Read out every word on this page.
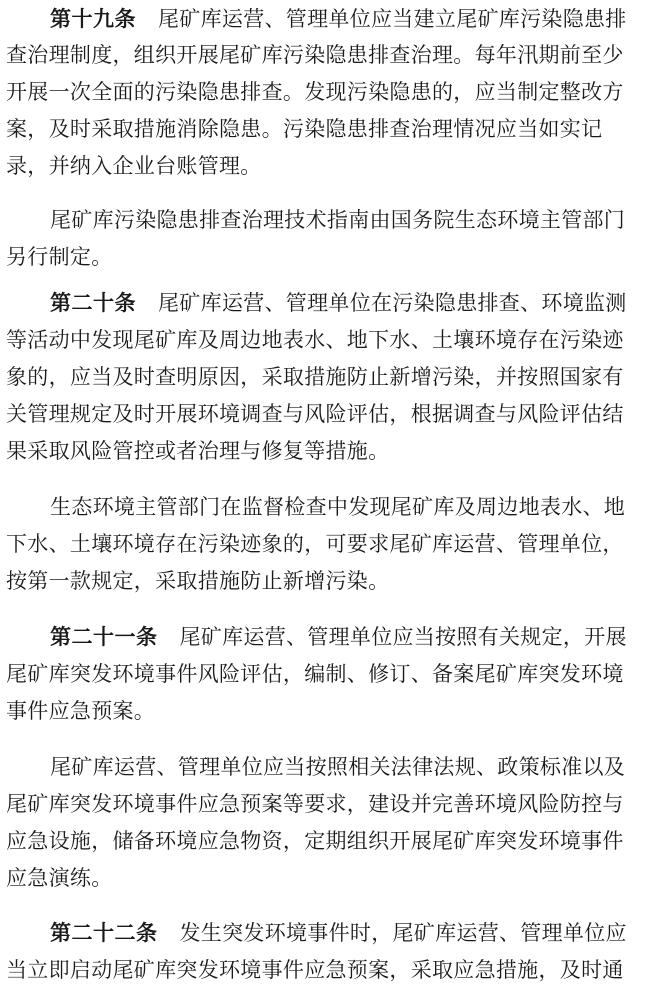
第十九条 尾矿库运营、管理单位应当建立尾矿库污染隐患排
查治理制度，组织开展尾矿库污染隐患排查治理。每年汛期前至少
开展一次全面的污染隐患排查。发现污染隐患的，应当制定整改方
案，及时采取措施消除隐患。污染隐患排查治理情况应当如实记
录，并纳入企业台账管理。
尾矿库污染隐患排查治理技术指南由国务院生态环境主管部门
另行制定。
第二十条 尾矿库运营、管理单位在污染隐患排查、环境监测
等活动中发现尾矿库及周边地表水、地下水、土壤环境存在污染迹
象的，应当及时查明原因，采取措施防止新增污染，并按照国家有
关管理规定及时开展环境调查与风险评估，根据调查与风险评估结
果采取风险管控或者治理与修复等措施。
生态环境主管部门在监督检查中发现尾矿库及周边地表水、地
下水、土壤环境存在污染迹象的，可要求尾矿库运营、管理单位，
按第一款规定，采取措施防止新增污染。
第二十一条 尾矿库运营、管理单位应当按照有关规定，开展
尾矿库突发环境事件风险评估，编制、修订、备案尾矿库突发环境
事件应急预案。
尾矿库运营、管理单位应当按照相关法律法规、政策标准以及
尾矿库突发环境事件应急预案等要求，建设并完善环境风险防控与
应急设施，储备环境应急物资，定期组织开展尾矿库突发环境事件
应急演练。
第二十二条 发生突发环境事件时，尾矿库运营、管理单位应
当立即启动尾矿库突发环境事件应急预案，采取应急措施，及时通
